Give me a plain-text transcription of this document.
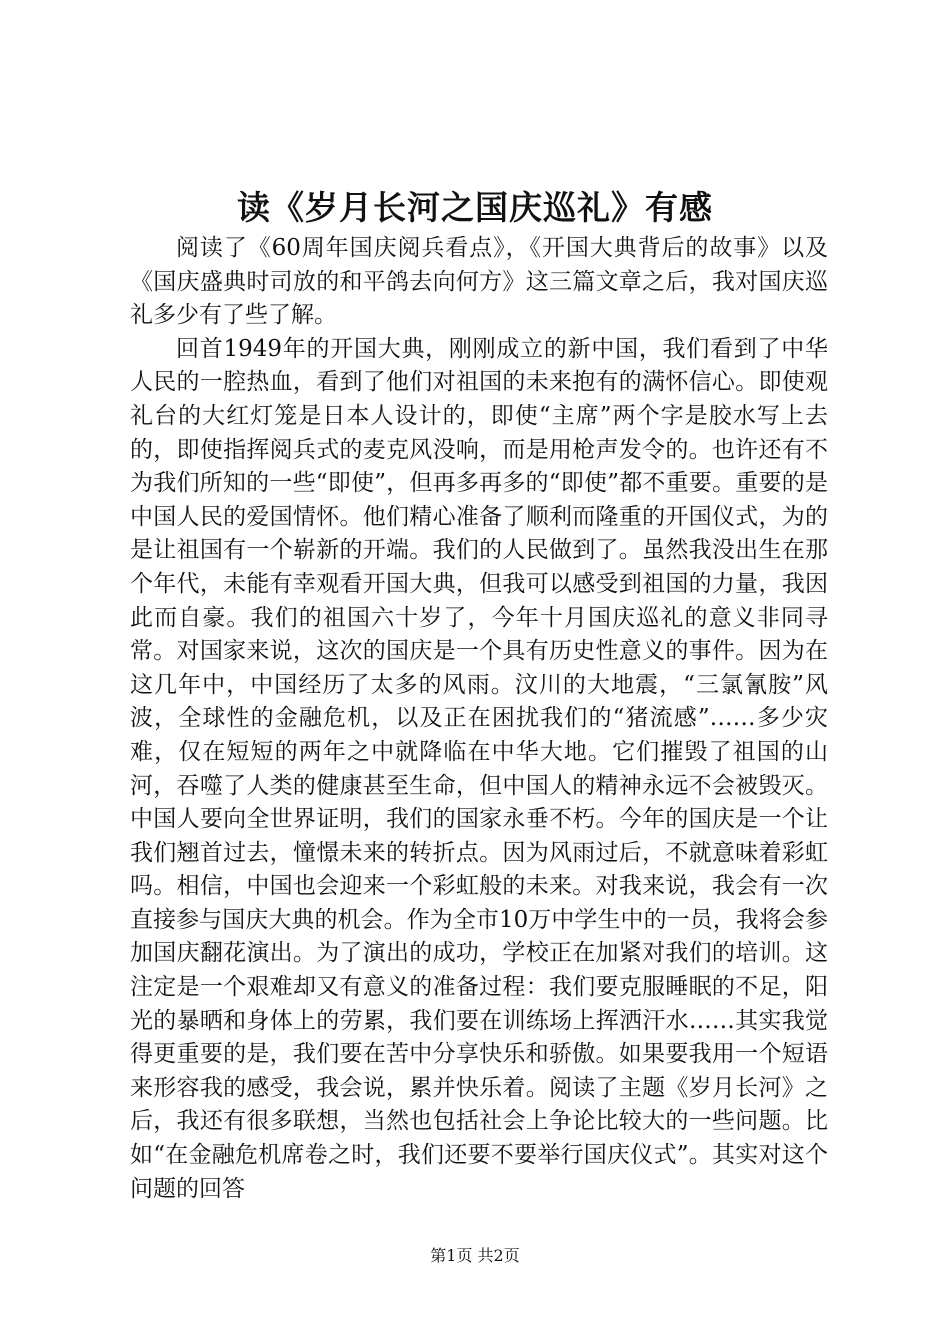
读《岁月长河之国庆巡礼》有感

阅读了《60周年国庆阅兵看点》，《开国大典背后的故事》以及《国庆盛典时司放的和平鸽去向何方》这三篇文章之后，我对国庆巡礼多少有了些了解。

回首1949年的开国大典，刚刚成立的新中国，我们看到了中华人民的一腔热血，看到了他们对祖国的未来抱有的满怀信心。即使观礼台的大红灯笼是日本人设计的，即使“主席”两个字是胶水写上去的，即使指挥阅兵式的麦克风没响，而是用枪声发令的。也许还有不为我们所知的一些“即使”，但再多再多的“即使”都不重要。重要的是中国人民的爱国情怀。他们精心准备了顺利而隆重的开国仪式，为的是让祖国有一个崭新的开端。我们的人民做到了。虽然我没出生在那个年代，未能有幸观看开国大典，但我可以感受到祖国的力量，我因此而自豪。我们的祖国六十岁了，今年十月国庆巡礼的意义非同寻常。对国家来说，这次的国庆是一个具有历史性意义的事件。因为在这几年中，中国经历了太多的风雨。汶川的大地震，“三氯氰胺”风波，全球性的金融危机，以及正在困扰我们的“猪流感”……多少灾难，仅在短短的两年之中就降临在中华大地。它们摧毁了祖国的山河，吞噬了人类的健康甚至生命，但中国人的精神永远不会被毁灭。中国人要向全世界证明，我们的国家永垂不朽。今年的国庆是一个让我们翘首过去，憧憬未来的转折点。因为风雨过后，不就意味着彩虹吗。相信，中国也会迎来一个彩虹般的未来。对我来说，我会有一次直接参与国庆大典的机会。作为全市10万中学生中的一员，我将会参加国庆翻花演出。为了演出的成功，学校正在加紧对我们的培训。这注定是一个艰难却又有意义的准备过程：我们要克服睡眠的不足，阳光的暴晒和身体上的劳累，我们要在训练场上挥洒汗水……其实我觉得更重要的是，我们要在苦中分享快乐和骄傲。如果要我用一个短语来形容我的感受，我会说，累并快乐着。阅读了主题《岁月长河》之后，我还有很多联想，当然也包括社会上争论比较大的一些问题。比如“在金融危机席卷之时，我们还要不要举行国庆仪式”。其实对这个问题的回答

第1页 共2页
